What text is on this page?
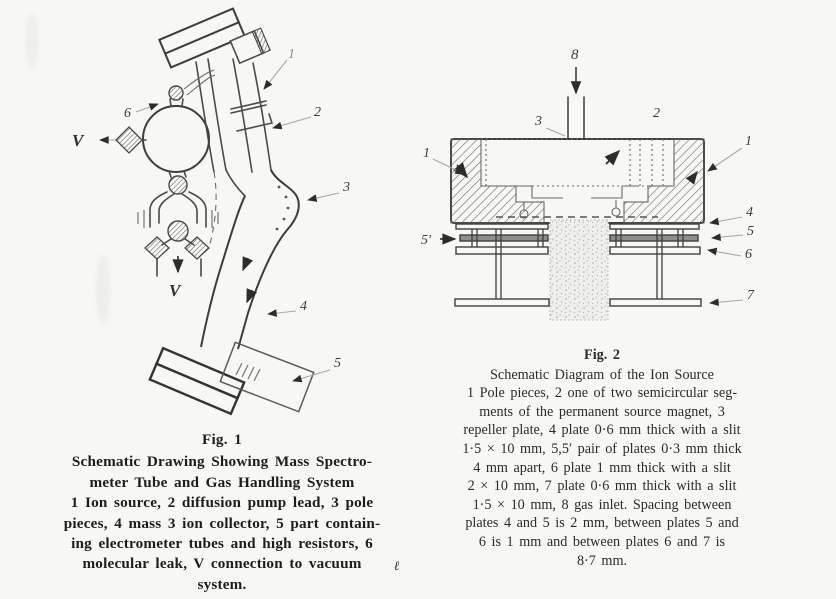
V
V
6
1
2
3
4
5
8
1
1
2
3
4
5
6
7
5′
Fig. 1
Schematic Drawing Showing Mass Spectro-
meter Tube and Gas Handling System
1 Ion source, 2 diffusion pump lead, 3 pole
pieces, 4 mass 3 ion collector, 5 part contain-
ing electrometer tubes and high resistors, 6
molecular leak, V connection to vacuum
system.
Fig. 2
Schematic Diagram of the Ion Source
1 Pole pieces, 2 one of two semicircular seg-
ments of the permanent source magnet, 3
repeller plate, 4 plate 0·6 mm thick with a slit
1·5 × 10 mm, 5,5′ pair of plates 0·3 mm thick
4 mm apart, 6 plate 1 mm thick with a slit
2 × 10 mm, 7 plate 0·6 mm thick with a slit
1·5 × 10 mm, 8 gas inlet. Spacing between
plates 4 and 5 is 2 mm, between plates 5 and
6 is 1 mm and between plates 6 and 7 is
8·7 mm.
ℓ
